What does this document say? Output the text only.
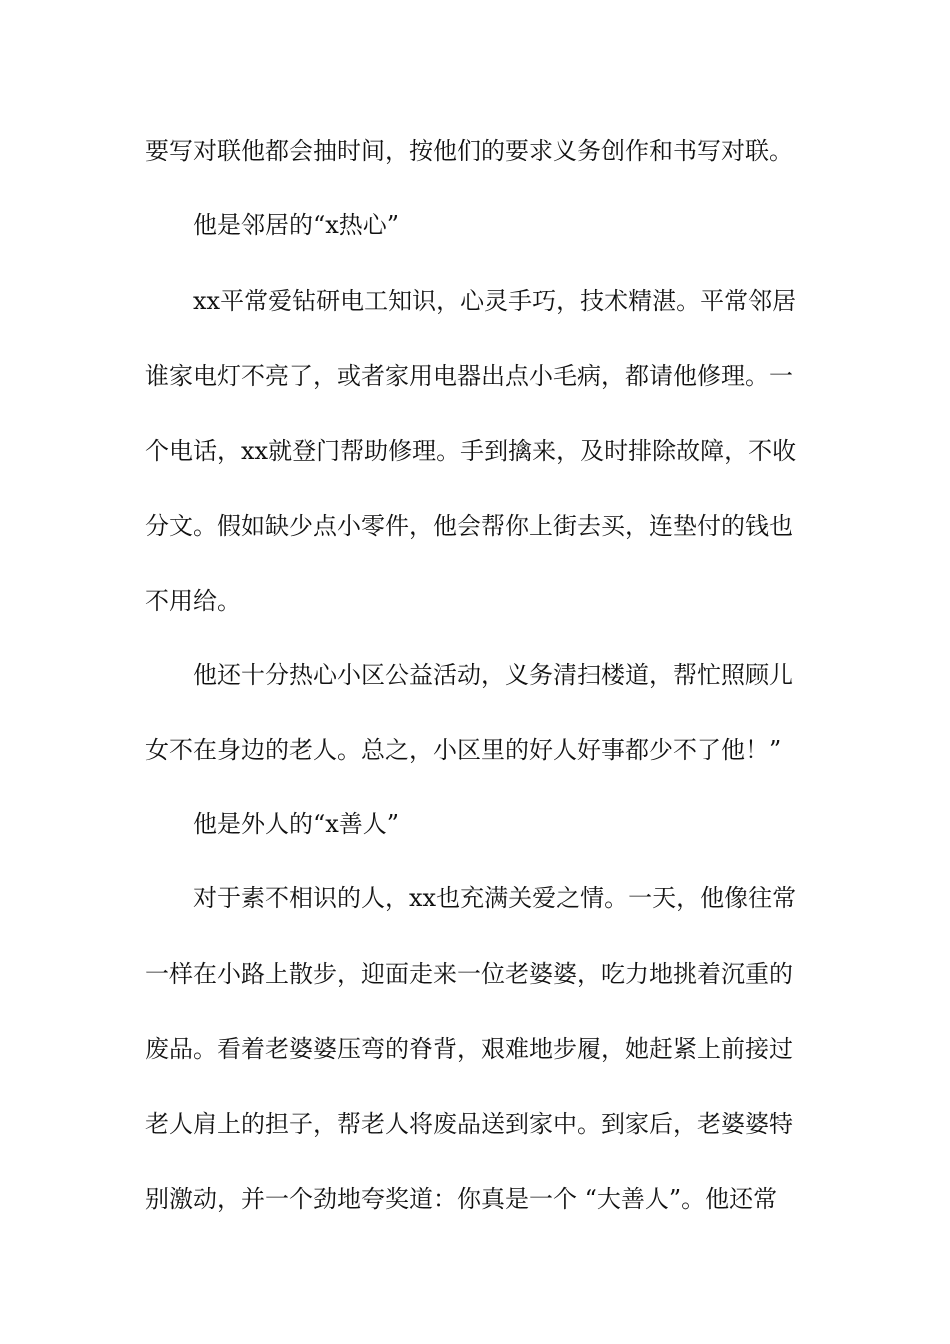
要写对联他都会抽时间，按他们的要求义务创作和书写对联。
他是邻居的“x热心”
xx平常爱钻研电工知识，心灵手巧，技术精湛。平常邻居
谁家电灯不亮了，或者家用电器出点小毛病，都请他修理。一
个电话，xx就登门帮助修理。手到擒来，及时排除故障，不收
分文。假如缺少点小零件，他会帮你上街去买，连垫付的钱也
不用给。
他还十分热心小区公益活动，义务清扫楼道，帮忙照顾儿
女不在身边的老人。总之，小区里的好人好事都少不了他！”
他是外人的“x善人”
对于素不相识的人，xx也充满关爱之情。一天，他像往常
一样在小路上散步，迎面走来一位老婆婆，吃力地挑着沉重的
废品。看着老婆婆压弯的脊背，艰难地步履，她赶紧上前接过
老人肩上的担子，帮老人将废品送到家中。到家后，老婆婆特
别激动，并一个劲地夸奖道：你真是一个 “大善人”。他还常
